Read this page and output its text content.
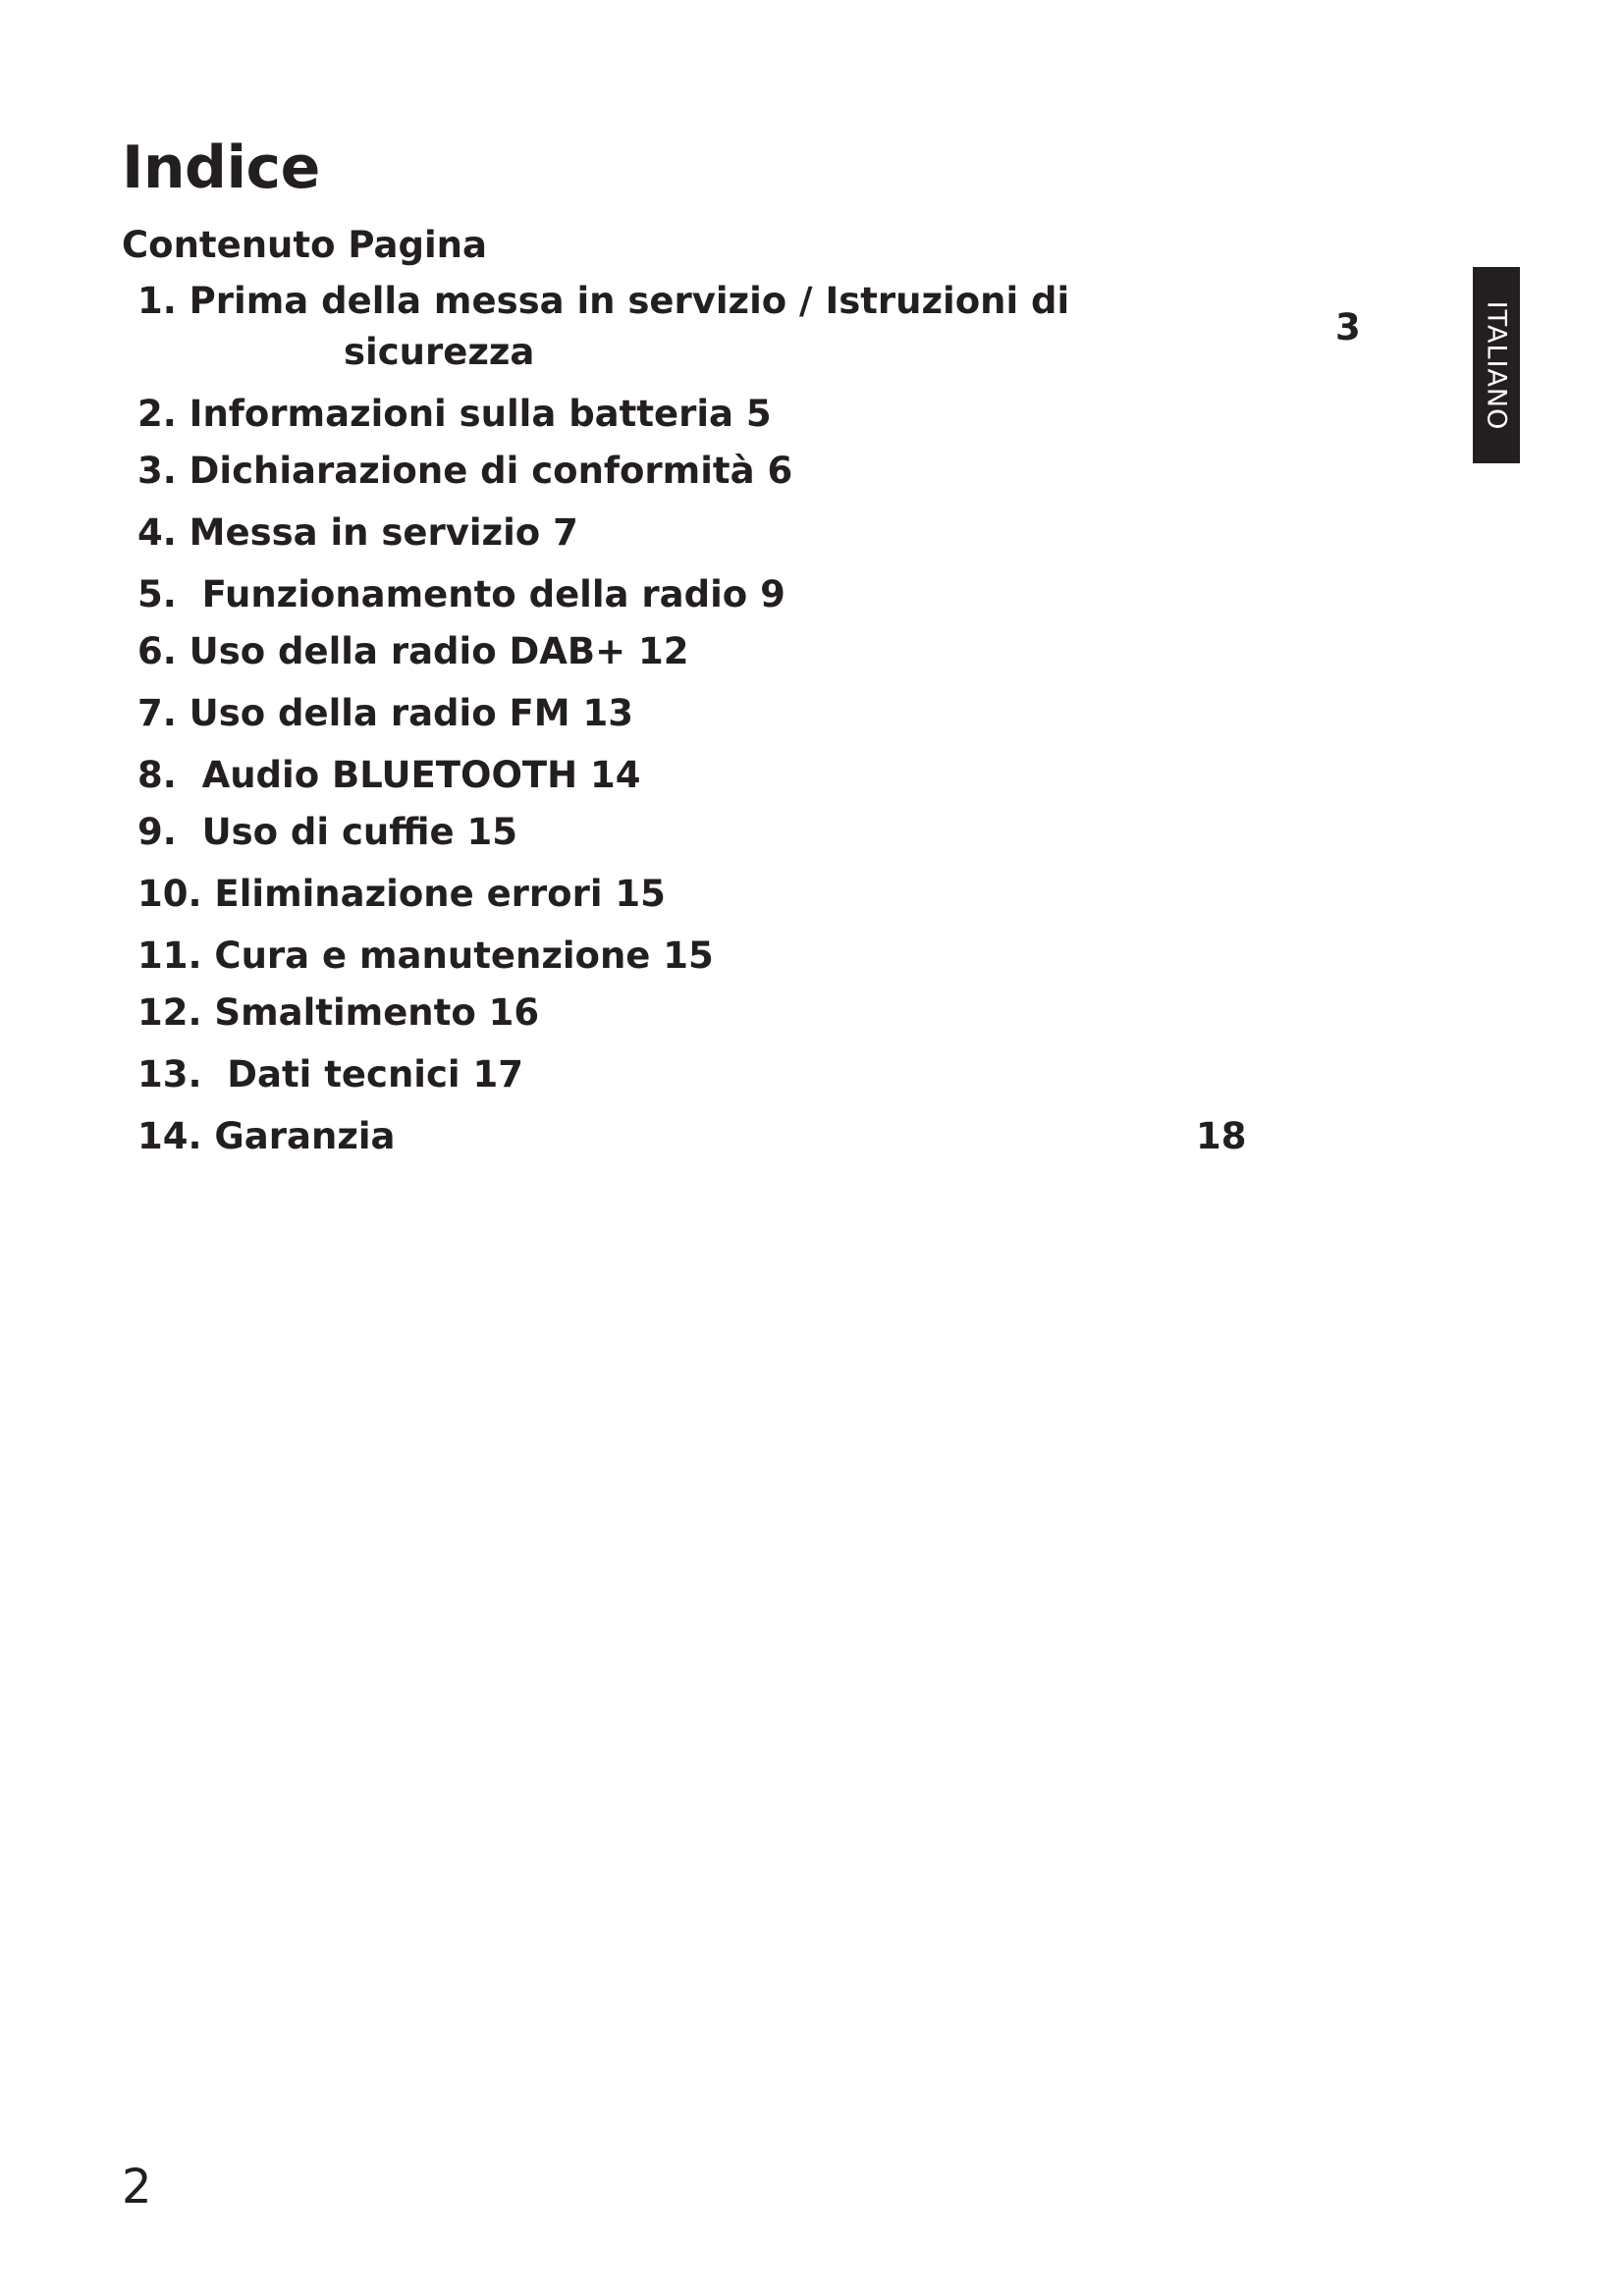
Indice
Contenuto Pagina
1. Prima della messa in servizio / Istruzioni di
sicurezza
3
2. Informazioni sulla batteria 5
3. Dichiarazione di conformità 6
4. Messa in servizio 7
5.  Funzionamento della radio 9
6. Uso della radio DAB+ 12
7. Uso della radio FM 13
8.  Audio BLUETOOTH 14
9.  Uso di cuffie 15
10. Eliminazione errori 15
11. Cura e manutenzione 15
12. Smaltimento 16
13.  Dati tecnici 17
14. Garanzia	18
ITALIANO
2
